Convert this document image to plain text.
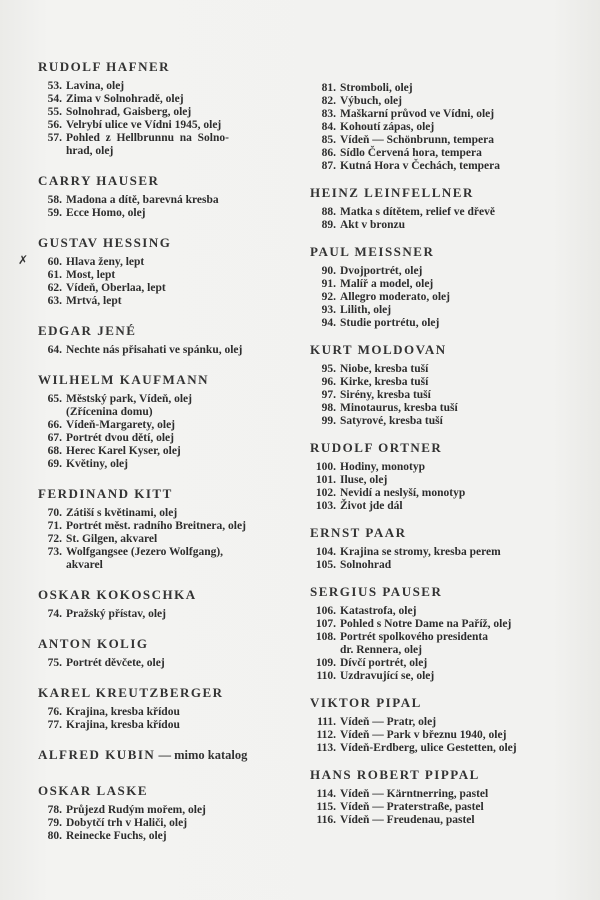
RUDOLF HAFNER
53. Lavina, olej
54. Zima v Solnohradě, olej
55. Solnohrad, Gaisberg, olej
56. Velrybí ulice ve Vídni 1945, olej
57. Pohled  z  Hellbrunnu  na  Solno-
hrad, olej
CARRY HAUSER
58. Madona a dítě, barevná kresba
59. Ecce Homo, olej
GUSTAV HESSING
60. Hlava ženy, lept
61. Most, lept
62. Vídeň, Oberlaa, lept
63. Mrtvá, lept
EDGAR JENÉ
64. Nechte nás přisahati ve spánku, olej
WILHELM KAUFMANN
65. Městský park, Vídeň, olej
(Zřícenina domu)
66. Vídeň-Margarety, olej
67. Portrét dvou dětí, olej
68. Herec Karel Kyser, olej
69. Květiny, olej
FERDINAND KITT
70. Zátiší s květinami, olej
71. Portrét měst. radního Breitnera, olej
72. St. Gilgen, akvarel
73. Wolfgangsee (Jezero Wolfgang),
akvarel
OSKAR KOKOSCHKA
74. Pražský přístav, olej
ANTON KOLIG
75. Portrét děvčete, olej
KAREL KREUTZBERGER
76. Krajina, kresba křídou
77. Krajina, kresba křídou
ALFRED KUBIN — mimo katalog
OSKAR LASKE
78. Průjezd Rudým mořem, olej
79. Dobytčí trh v Haliči, olej
80. Reinecke Fuchs, olej
81. Stromboli, olej
82. Výbuch, olej
83. Maškarní průvod ve Vídni, olej
84. Kohoutí zápas, olej
85. Vídeň — Schönbrunn, tempera
86. Sídlo Červená hora, tempera
87. Kutná Hora v Čechách, tempera
HEINZ LEINFELLNER
88. Matka s dítětem, relief ve dřevě
89. Akt v bronzu
PAUL MEISSNER
90. Dvojportrét, olej
91. Malíř a model, olej
92. Allegro moderato, olej
93. Lilith, olej
94. Studie portrétu, olej
KURT MOLDOVAN
95. Niobe, kresba tuší
96. Kirke, kresba tuší
97. Sirény, kresba tuší
98. Minotaurus, kresba tuší
99. Satyrové, kresba tuší
RUDOLF ORTNER
100. Hodiny, monotyp
101. Iluse, olej
102. Nevidí a neslyší, monotyp
103. Život jde dál
ERNST PAAR
104. Krajina se stromy, kresba perem
105. Solnohrad
SERGIUS PAUSER
106. Katastrofa, olej
107. Pohled s Notre Dame na Paříž, olej
108. Portrét spolkového presidenta
dr. Rennera, olej
109. Dívčí portrét, olej
110. Uzdravující se, olej
VIKTOR PIPAL
111. Vídeň — Pratr, olej
112. Vídeň — Park v březnu 1940, olej
113. Vídeň-Erdberg, ulice Gestetten, olej
HANS ROBERT PIPPAL
114. Vídeň — Kärntnerring, pastel
115. Vídeň — Praterstraße, pastel
116. Vídeň — Freudenau, pastel
✗
